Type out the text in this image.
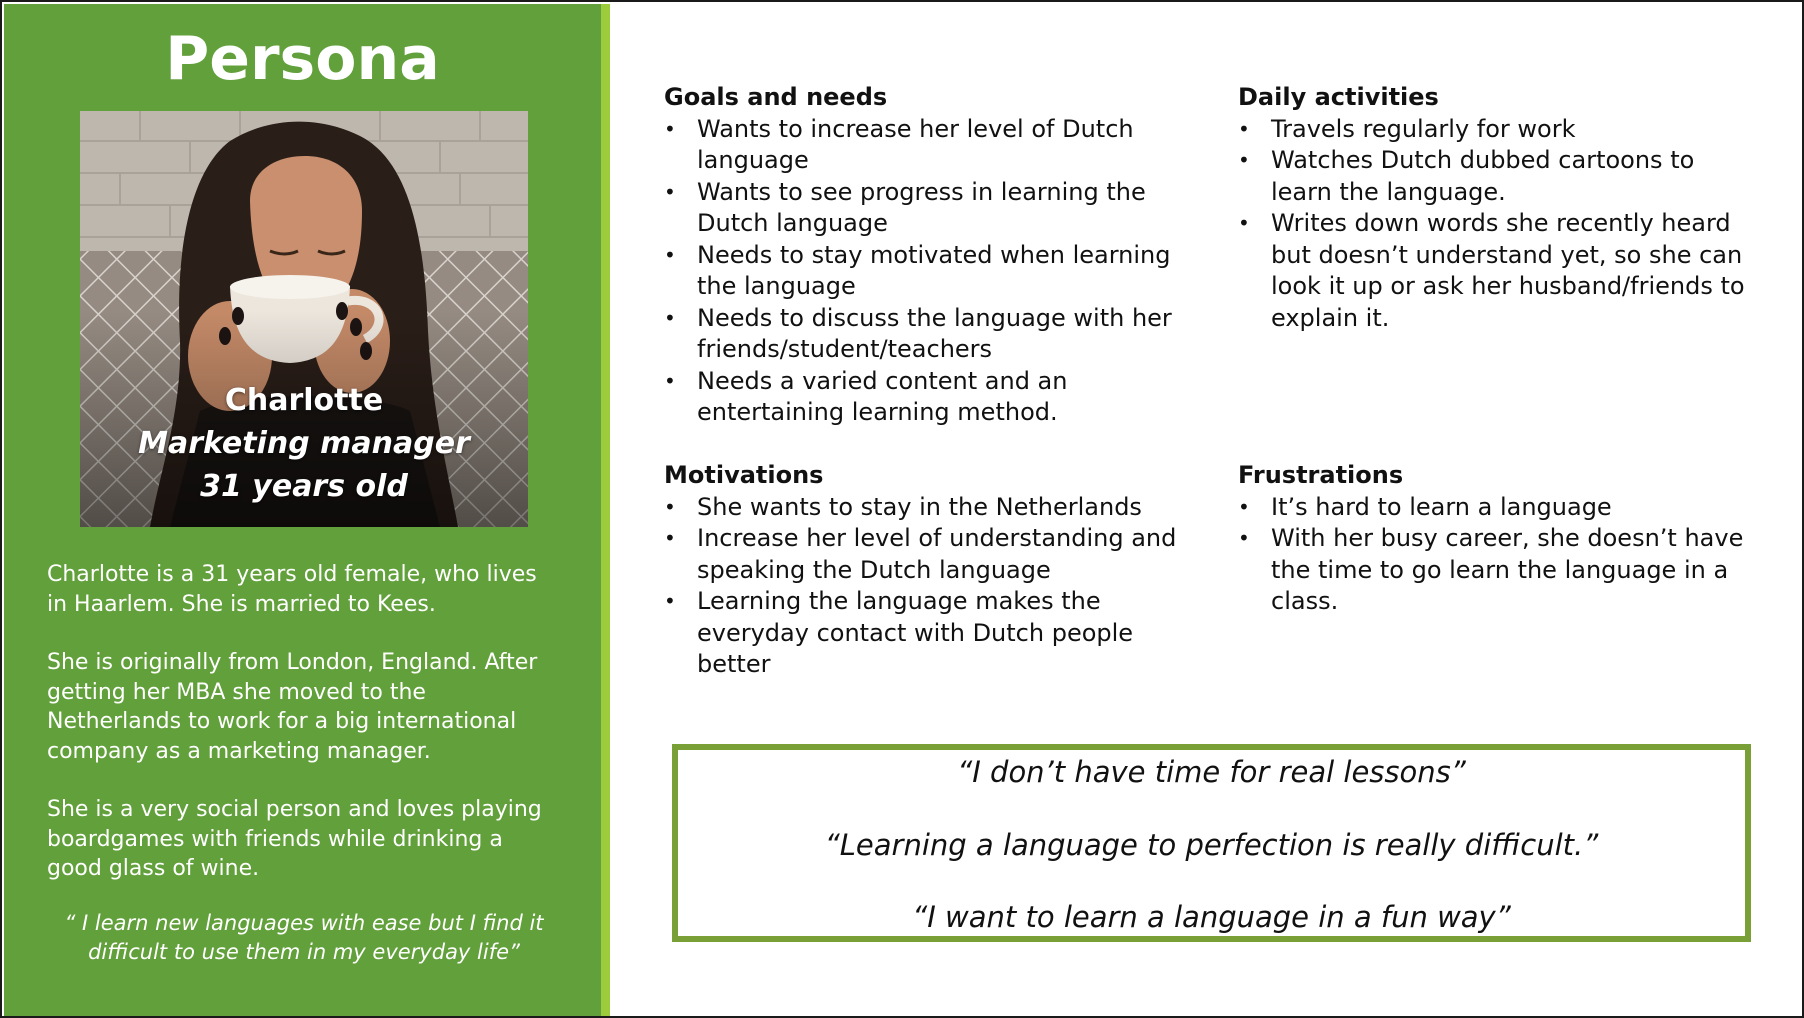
Persona
Charlotte
Marketing manager
31 years old

Charlotte is a 31 years old female, who lives in Haarlem. She is married to Kees.

She is originally from London, England. After getting her MBA she moved to the Netherlands to work for a big international company as a marketing manager.

She is a very social person and loves playing boardgames with friends while drinking a good glass of wine.

“ I learn new languages with ease but I find it difficult to use them in my everyday life”
Goals and needs
• Wants to increase her level of Dutch language
• Wants to see progress in learning the Dutch language
• Needs to stay motivated when learning the language
• Needs to discuss the language with her friends/student/teachers
• Needs a varied content and an entertaining learning method.
Daily activities
• Travels regularly for work
• Watches Dutch dubbed cartoons to learn the language.
• Writes down words she recently heard but doesn’t understand yet, so she can look it up or ask her husband/friends to explain it.
Motivations
• She wants to stay in the Netherlands
• Increase her level of understanding and speaking the Dutch language
• Learning the language makes the everyday contact with Dutch people better
Frustrations
• It’s hard to learn a language
• With her busy career, she doesn’t have the time to go learn the language in a class.

“I don’t have time for real lessons”

“Learning a language to perfection is really difficult.”

“I want to learn a language in a fun way”
